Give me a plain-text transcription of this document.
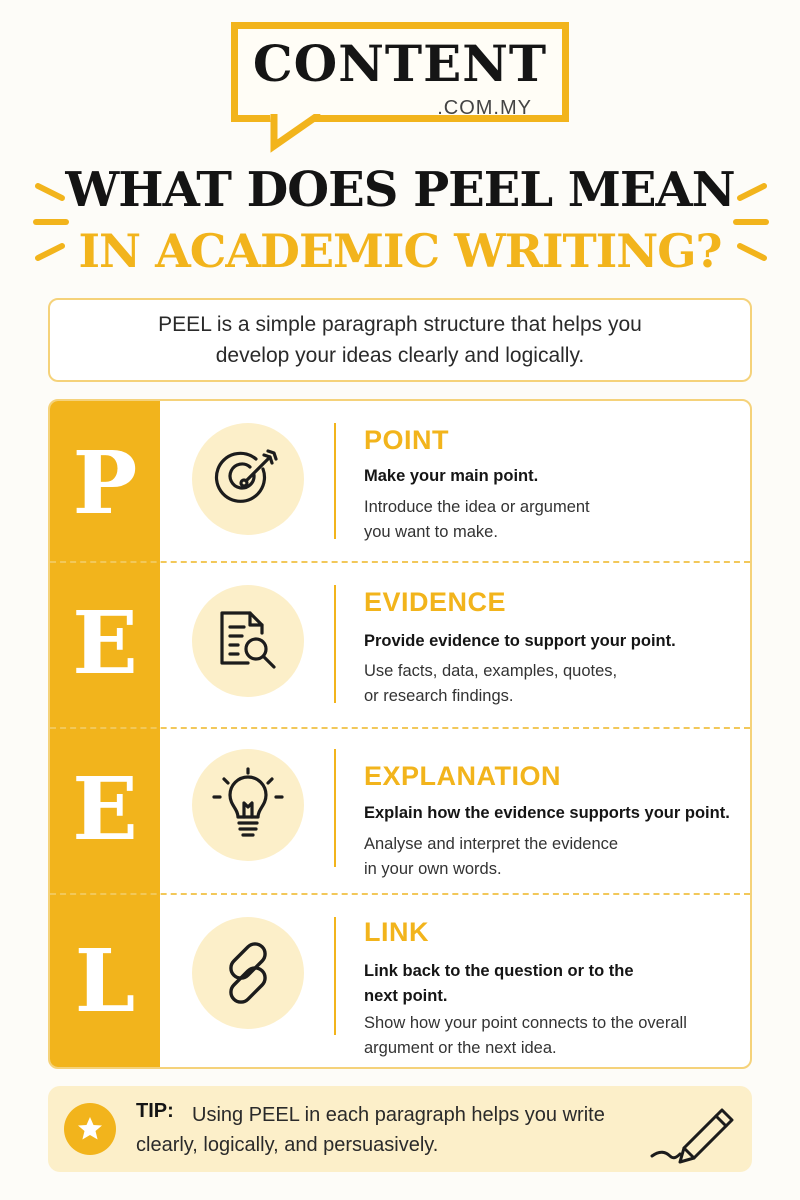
CONTENT
.COM.MY
WHAT DOES PEEL MEAN
IN ACADEMIC WRITING?
PEEL is a simple paragraph structure that helps you
develop your ideas clearly and logically.
P	POINT
Make your main point.
Introduce the idea or argument
you want to make.
E	EVIDENCE
Provide evidence to support your point.
Use facts, data, examples, quotes,
or research findings.
E	EXPLANATION
Explain how the evidence supports your point.
Analyse and interpret the evidence
in your own words.
L	LINK
Link back to the question or to the
next point.
Show how your point connects to the overall
argument or the next idea.
TIP: Using PEEL in each paragraph helps you write
clearly, logically, and persuasively.
